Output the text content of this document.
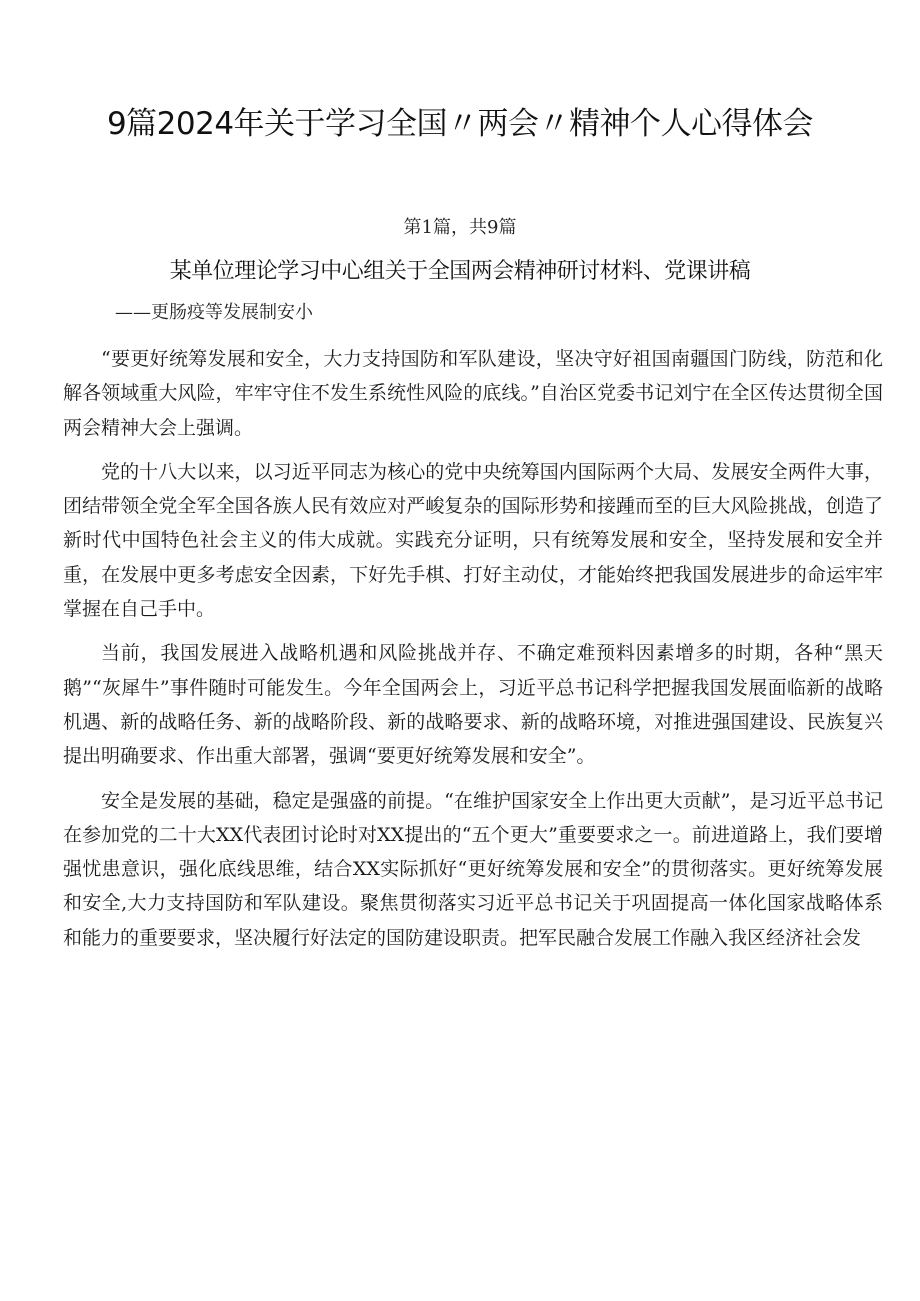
9篇2024年关于学习全国〃两会〃精神个人心得体会
第1篇，共9篇
某单位理论学习中心组关于全国两会精神研讨材料、党课讲稿
——更肠疫等发展制安小

“要更好统筹发展和安全，大力支持国防和军队建设，坚决守好祖国南疆国门防线，防范和化解各领域重大风险，牢牢守住不发生系统性风险的底线。”自治区党委书记刘宁在全区传达贯彻全国两会精神大会上强调。

党的十八大以来，以习近平同志为核心的党中央统筹国内国际两个大局、发展安全两件大事，团结带领全党全军全国各族人民有效应对严峻复杂的国际形势和接踵而至的巨大风险挑战，创造了新时代中国特色社会主义的伟大成就。实践充分证明，只有统筹发展和安全，坚持发展和安全并重，在发展中更多考虑安全因素，下好先手棋、打好主动仗，才能始终把我国发展进步的命运牢牢掌握在自己手中。

当前，我国发展进入战略机遇和风险挑战并存、不确定难预料因素增多的时期，各种“黑天鹅”“灰犀牛”事件随时可能发生。今年全国两会上，习近平总书记科学把握我国发展面临新的战略机遇、新的战略任务、新的战略阶段、新的战略要求、新的战略环境，对推进强国建设、民族复兴提出明确要求、作出重大部署，强调“要更好统筹发展和安全”。

安全是发展的基础，稳定是强盛的前提。“在维护国家安全上作出更大贡献”，是习近平总书记在参加党的二十大XX代表团讨论时对XX提出的“五个更大”重要要求之一。前进道路上，我们要增强忧患意识，强化底线思维，结合XX实际抓好“更好统筹发展和安全”的贯彻落实。更好统筹发展和安全,大力支持国防和军队建设。聚焦贯彻落实习近平总书记关于巩固提高一体化国家战略体系和能力的重要要求，坚决履行好法定的国防建设职责。把军民融合发展工作融入我区经济社会发
